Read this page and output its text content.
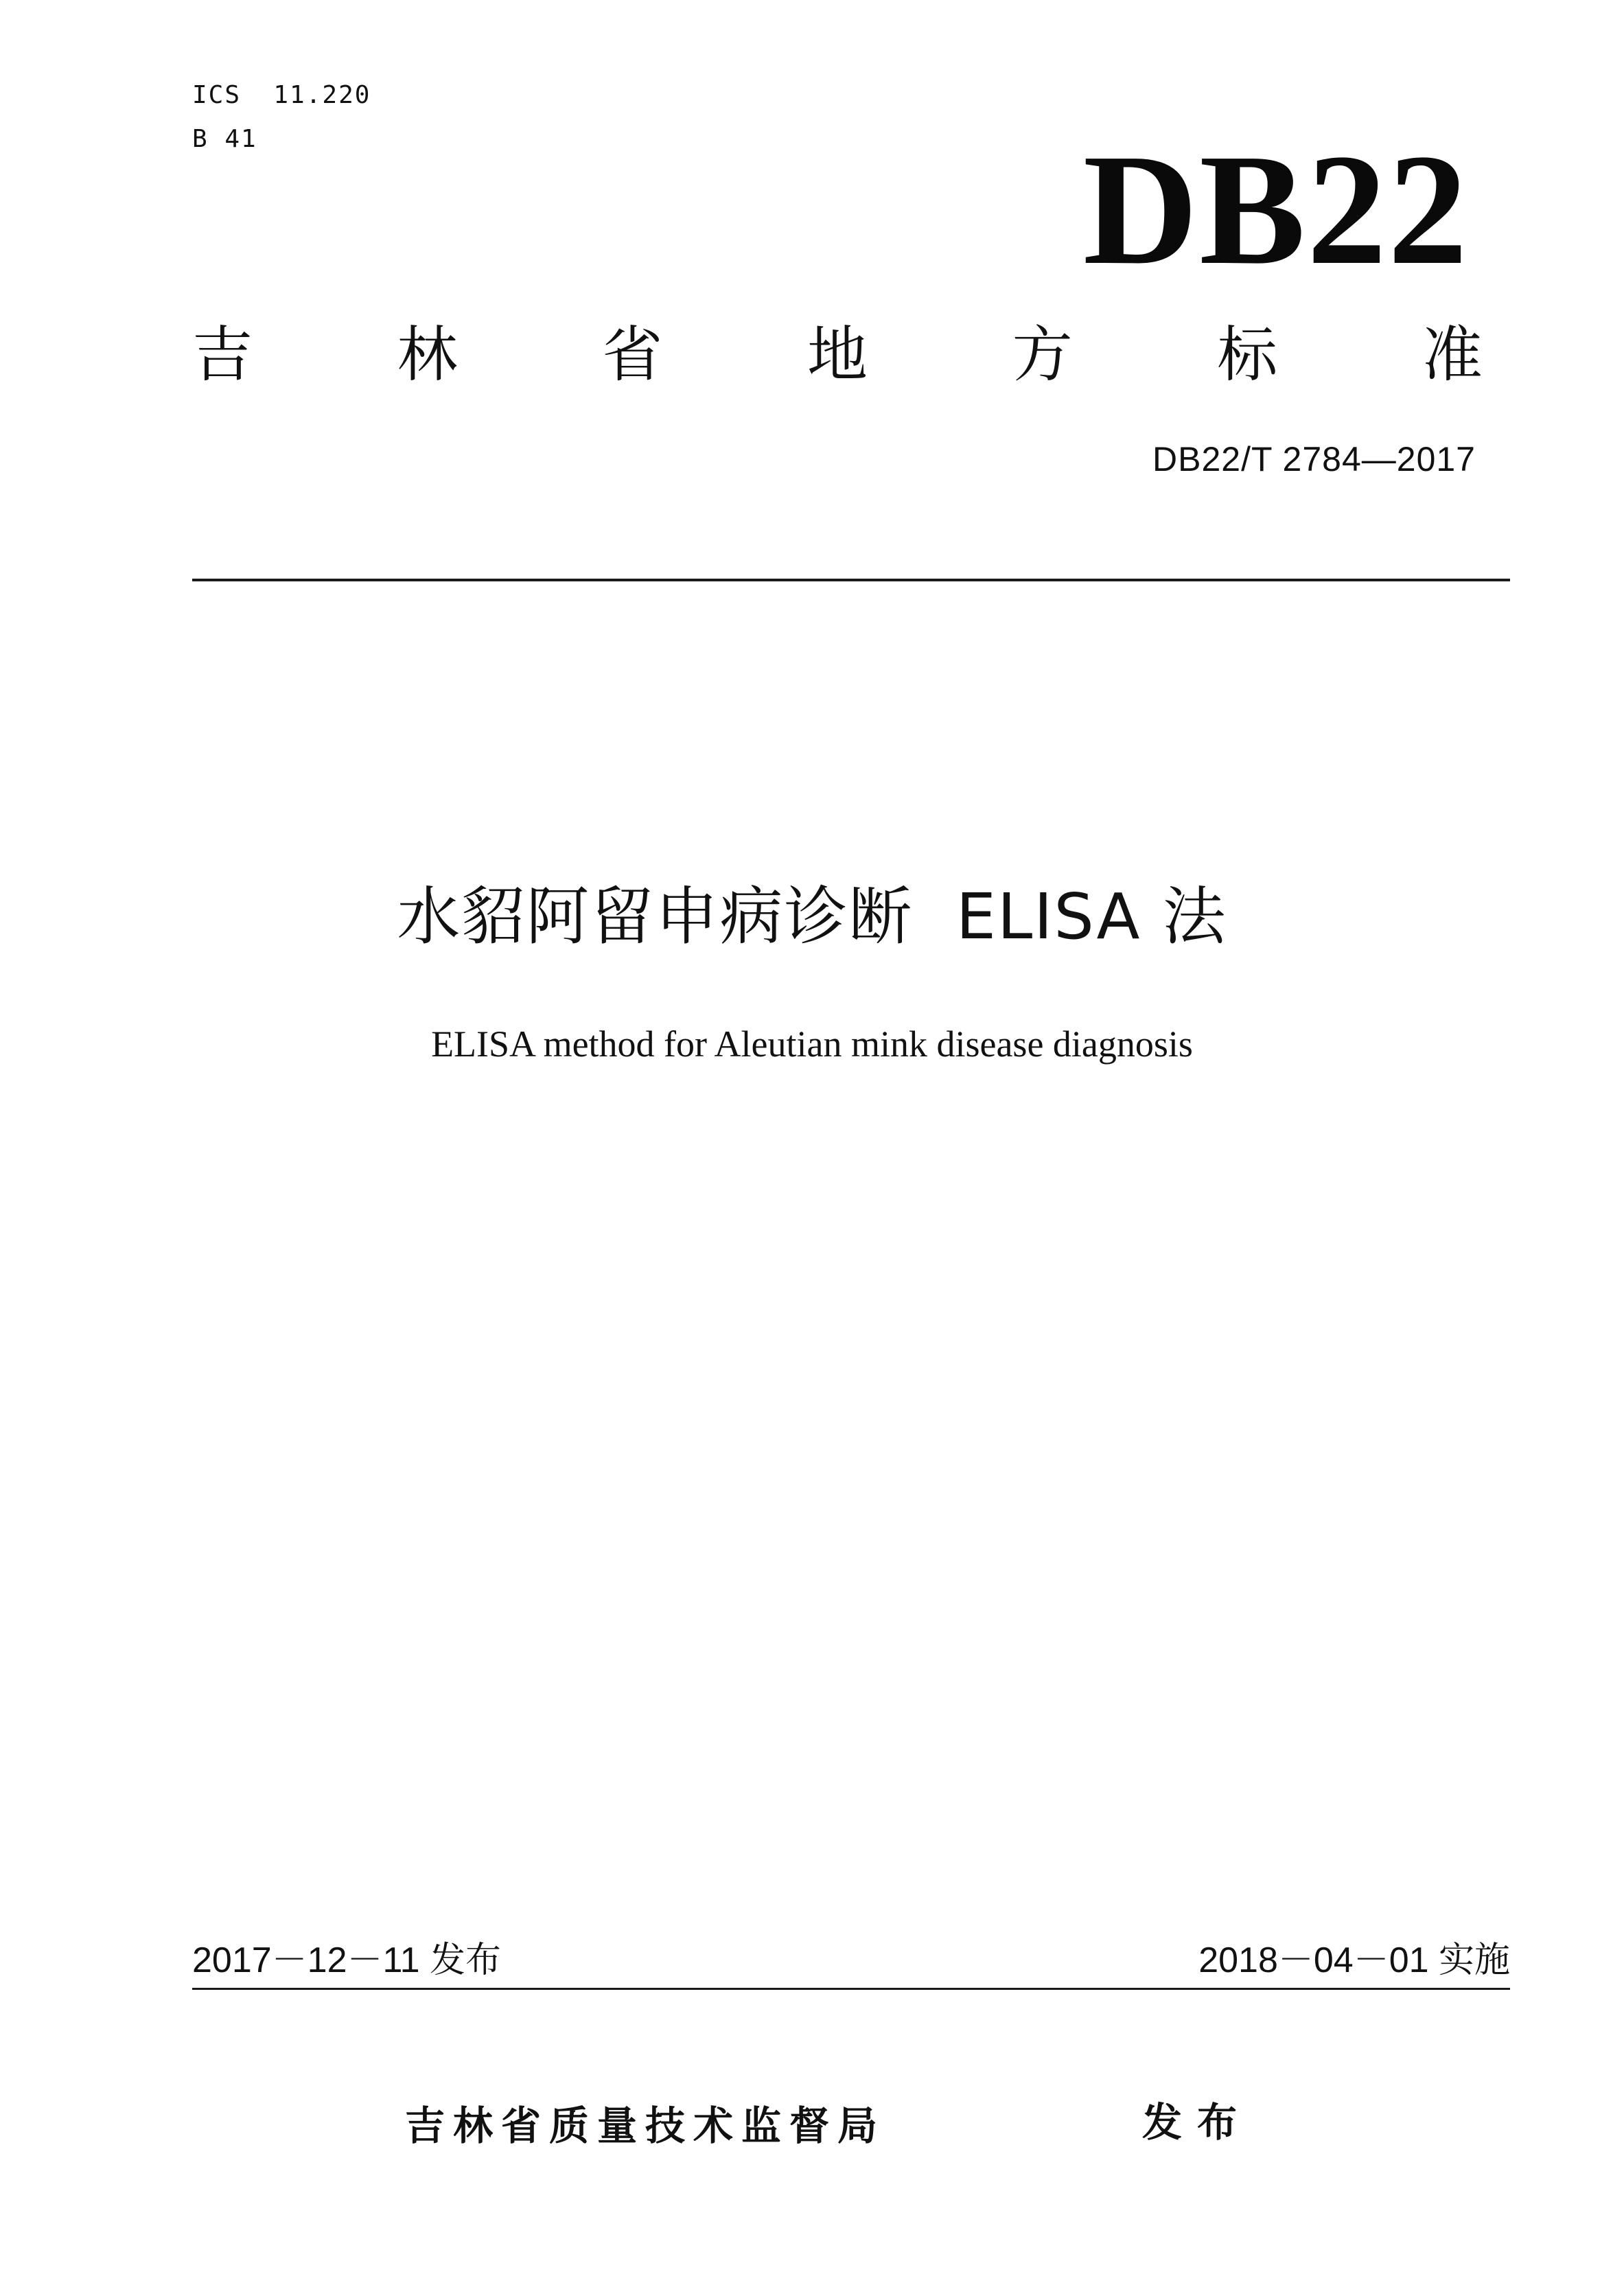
ICS  11.220
B 41	DB22
吉 林 省 地 方 标 准
DB22/T 2784—2017
水貂阿留申病诊断  ELISA 法
ELISA method for Aleutian mink disease diagnosis
2017－12－11 发布	2018－04－01 实施
吉林省质量技术监督局	发布
